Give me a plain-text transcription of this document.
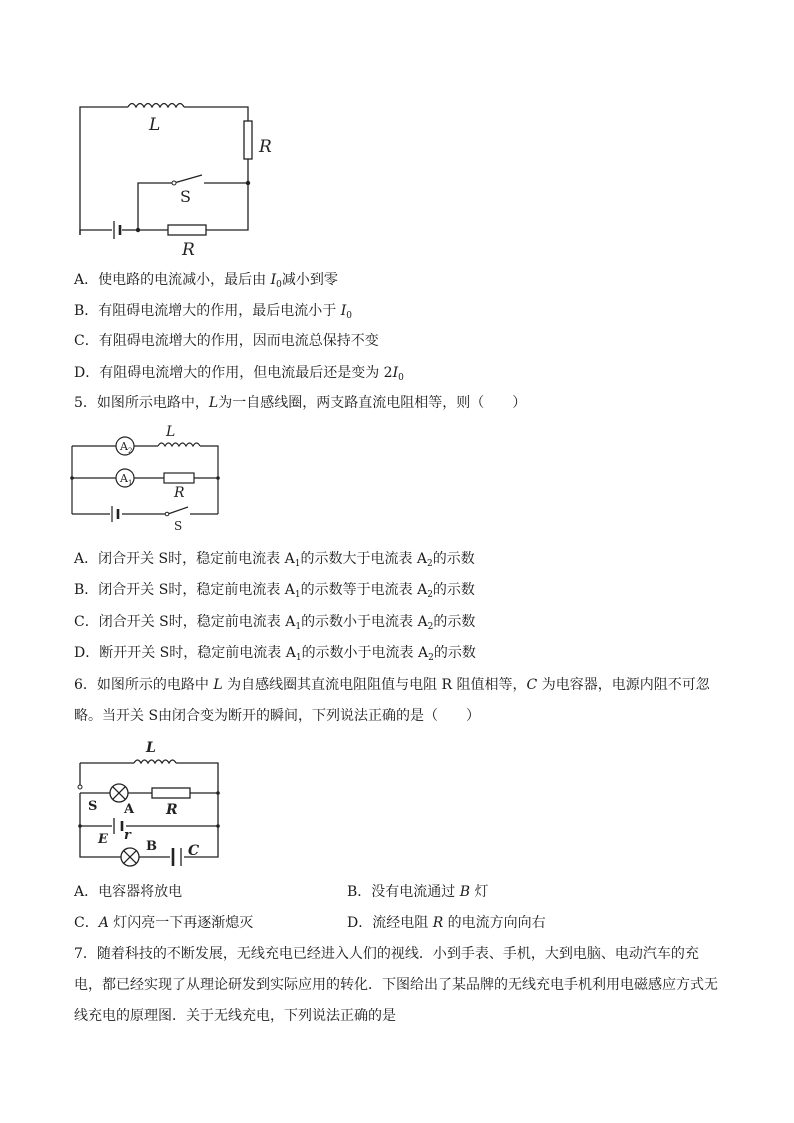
L
R
S
R
A．使电路的电流减小，最后由 $I_0$减小到零
B．有阻碍电流增大的作用，最后电流小于 $I_0$
C．有阻碍电流增大的作用，因而电流总保持不变
D．有阻碍电流增大的作用，但电流最后还是变为 $2I_0$
5．如图所示电路中，L为一自感线圈，两支路直流电阻相等，则（　　）
A 2
A 1
L
R
S
A．闭合开关 S时，稳定前电流表 $A_1$的示数大于电流表 $A_2$的示数
B．闭合开关 S时，稳定前电流表 $A_1$的示数等于电流表 $A_2$的示数
C．闭合开关 S时，稳定前电流表 $A_1$的示数小于电流表 $A_2$的示数
D．断开开关 S时，稳定前电流表 $A_1$的示数小于电流表 $A_2$的示数
6．如图所示的电路中 L 为自感线圈其直流电阻阻值与电阻 R 阻值相等，C 为电容器，电源内阻不可忽
略。当开关 S由闭合变为断开的瞬间，下列说法正确的是（　　）
L
A R
S
E r
B C
A．电容器将放电	B．没有电流通过 B 灯
C．A 灯闪亮一下再逐渐熄灭	D．流经电阻 R 的电流方向向右
7．随着科技的不断发展，无线充电已经进入人们的视线．小到手表、手机，大到电脑、电动汽车的充
电，都已经实现了从理论研发到实际应用的转化．下图给出了某品牌的无线充电手机利用电磁感应方式无
线充电的原理图．关于无线充电，下列说法正确的是
